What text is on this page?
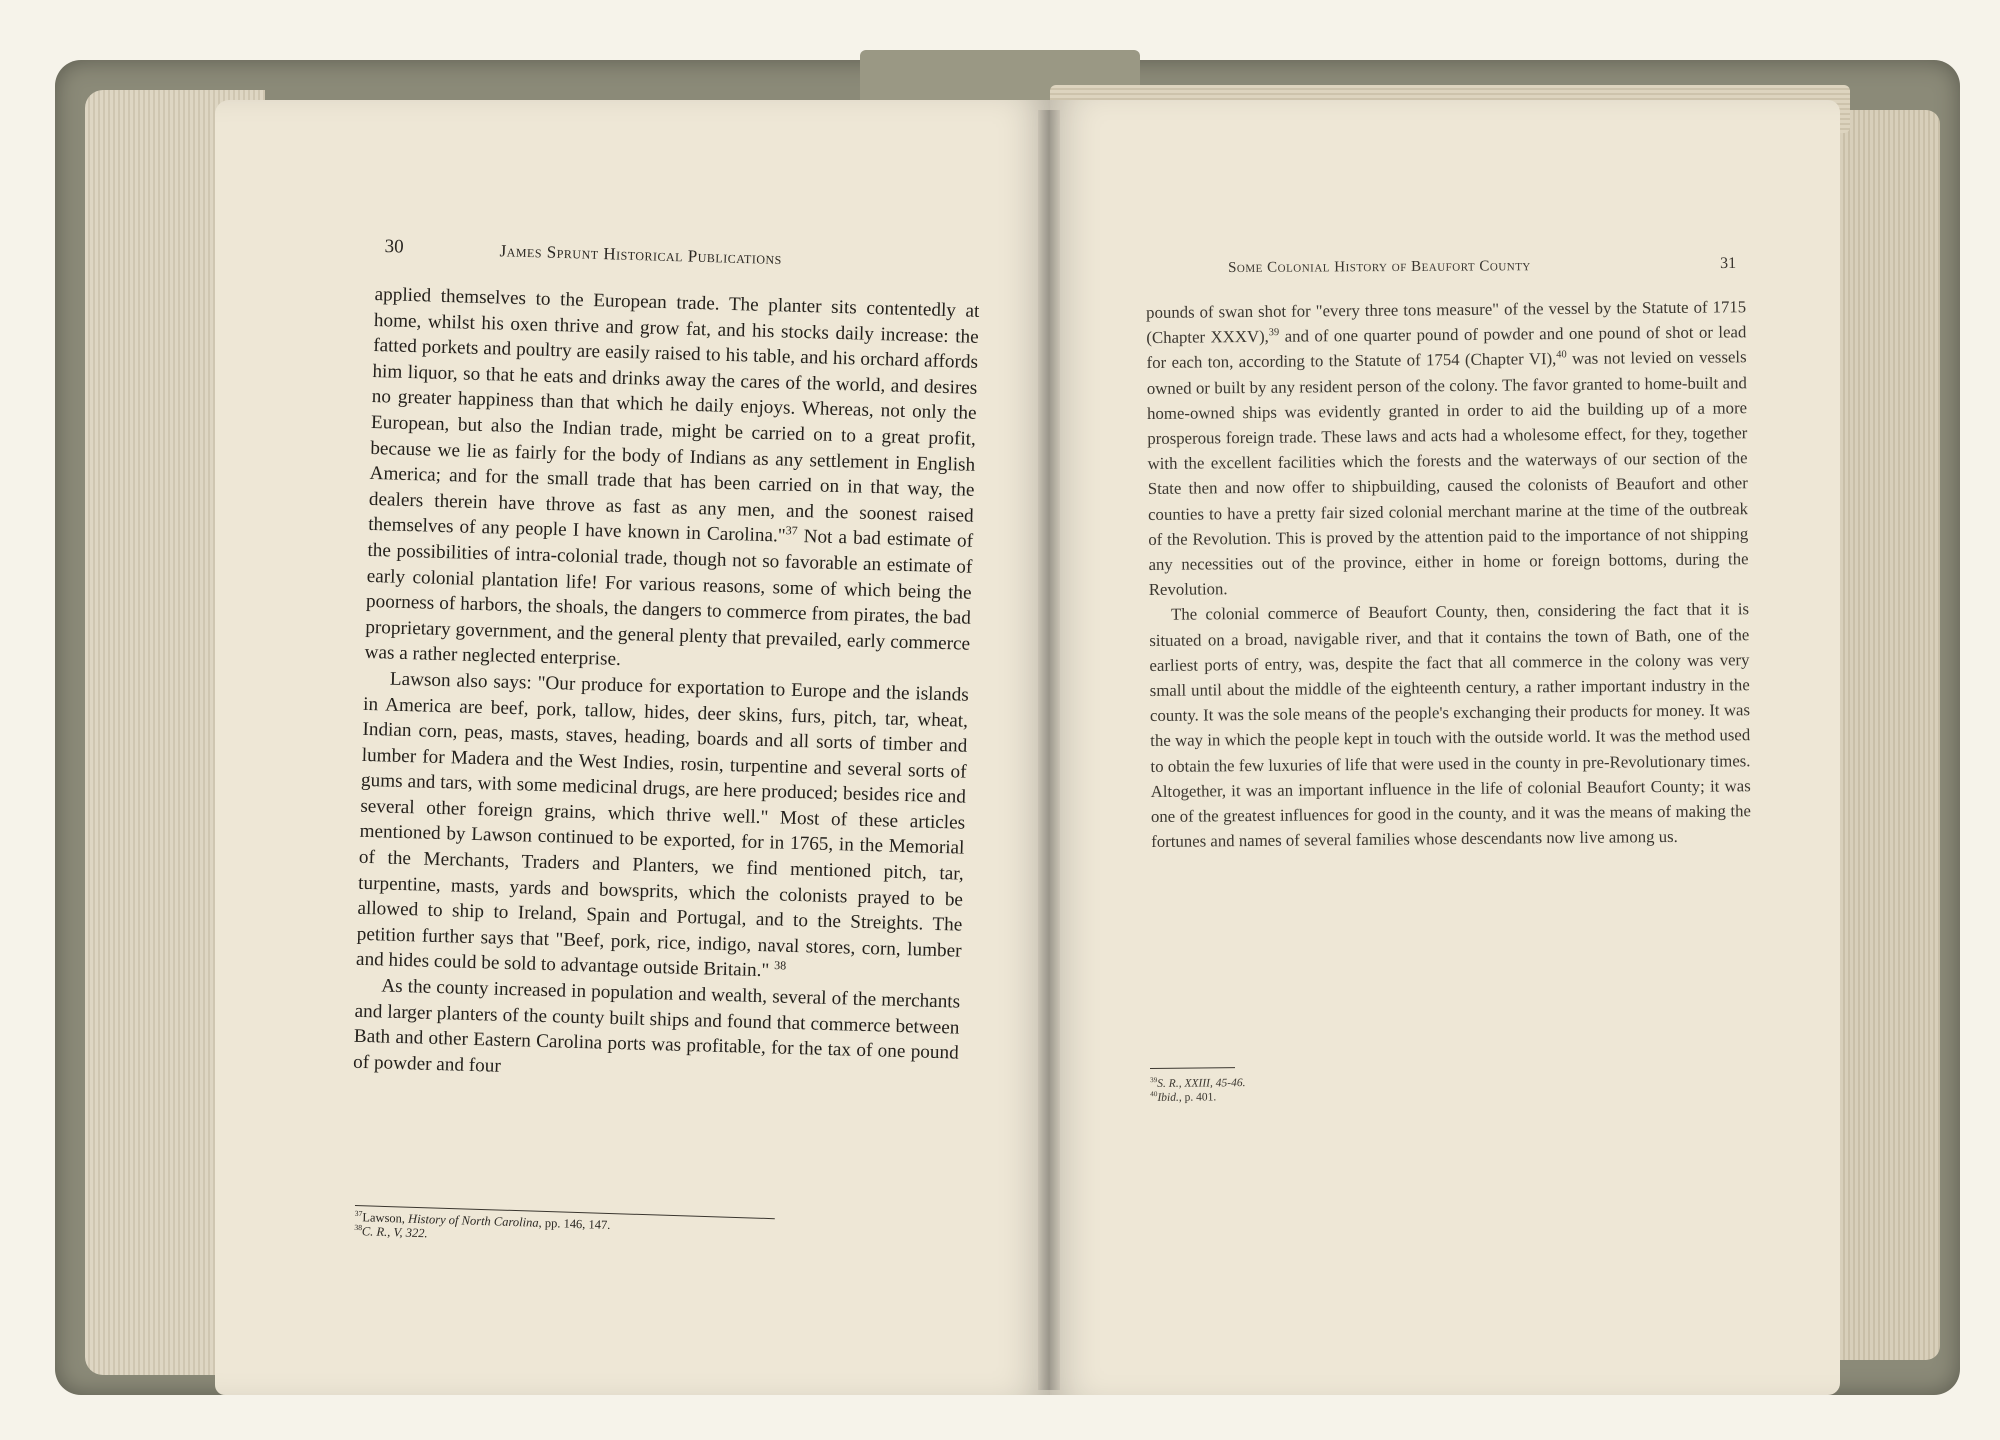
30	James Sprunt Historical Publications

applied themselves to the European trade. The planter sits contentedly at home, whilst his oxen thrive and grow fat, and his stocks daily increase: the fatted porkets and poultry are easily raised to his table, and his orchard affords him liquor, so that he eats and drinks away the cares of the world, and desires no greater happiness than that which he daily enjoys. Whereas, not only the European, but also the Indian trade, might be carried on to a great profit, because we lie as fairly for the body of Indians as any settlement in English America; and for the small trade that has been carried on in that way, the dealers therein have throve as fast as any men, and the soonest raised themselves of any people I have known in Carolina."$^{37}$ Not a bad estimate of the possibilities of intra-colonial trade, though not so favorable an estimate of early colonial plantation life! For various reasons, some of which being the poorness of harbors, the shoals, the dangers to commerce from pirates, the bad proprietary government, and the general plenty that prevailed, early commerce was a rather neglected enterprise.

Lawson also says: "Our produce for exportation to Europe and the islands in America are beef, pork, tallow, hides, deer skins, furs, pitch, tar, wheat, Indian corn, peas, masts, staves, heading, boards and all sorts of timber and lumber for Madera and the West Indies, rosin, turpentine and several sorts of gums and tars, with some medicinal drugs, are here produced; besides rice and several other foreign grains, which thrive well." Most of these articles mentioned by Lawson continued to be exported, for in 1765, in the Memorial of the Merchants, Traders and Planters, we find mentioned pitch, tar, turpentine, masts, yards and bowsprits, which the colonists prayed to be allowed to ship to Ireland, Spain and Portugal, and to the Streights. The petition further says that "Beef, pork, rice, indigo, naval stores, corn, lumber and hides could be sold to advantage outside Britain." $^{38}$

As the county increased in population and wealth, several of the merchants and larger planters of the county built ships and found that commerce between Bath and other Eastern Carolina ports was profitable, for the tax of one pound of powder and four

$^{37}$Lawson, History of North Carolina, pp. 146, 147.
$^{38}$C. R., V, 322.
Some Colonial History of Beaufort County	31

pounds of swan shot for "every three tons measure" of the vessel by the Statute of 1715 (Chapter XXXV),$^{39}$ and of one quarter pound of powder and one pound of shot or lead for each ton, according to the Statute of 1754 (Chapter VI),$^{40}$ was not levied on vessels owned or built by any resident person of the colony. The favor granted to home-built and home-owned ships was evidently granted in order to aid the building up of a more prosperous foreign trade. These laws and acts had a wholesome effect, for they, together with the excellent facilities which the forests and the waterways of our section of the State then and now offer to shipbuilding, caused the colonists of Beaufort and other counties to have a pretty fair sized colonial merchant marine at the time of the outbreak of the Revolution. This is proved by the attention paid to the importance of not shipping any necessities out of the province, either in home or foreign bottoms, during the Revolution.

The colonial commerce of Beaufort County, then, considering the fact that it is situated on a broad, navigable river, and that it contains the town of Bath, one of the earliest ports of entry, was, despite the fact that all commerce in the colony was very small until about the middle of the eighteenth century, a rather important industry in the county. It was the sole means of the people's exchanging their products for money. It was the way in which the people kept in touch with the outside world. It was the method used to obtain the few luxuries of life that were used in the county in pre-Revolutionary times. Altogether, it was an important influence in the life of colonial Beaufort County; it was one of the greatest influences for good in the county, and it was the means of making the fortunes and names of several families whose descendants now live among us.

$^{39}$S. R., XXIII, 45-46.
$^{40}$Ibid., p. 401.
